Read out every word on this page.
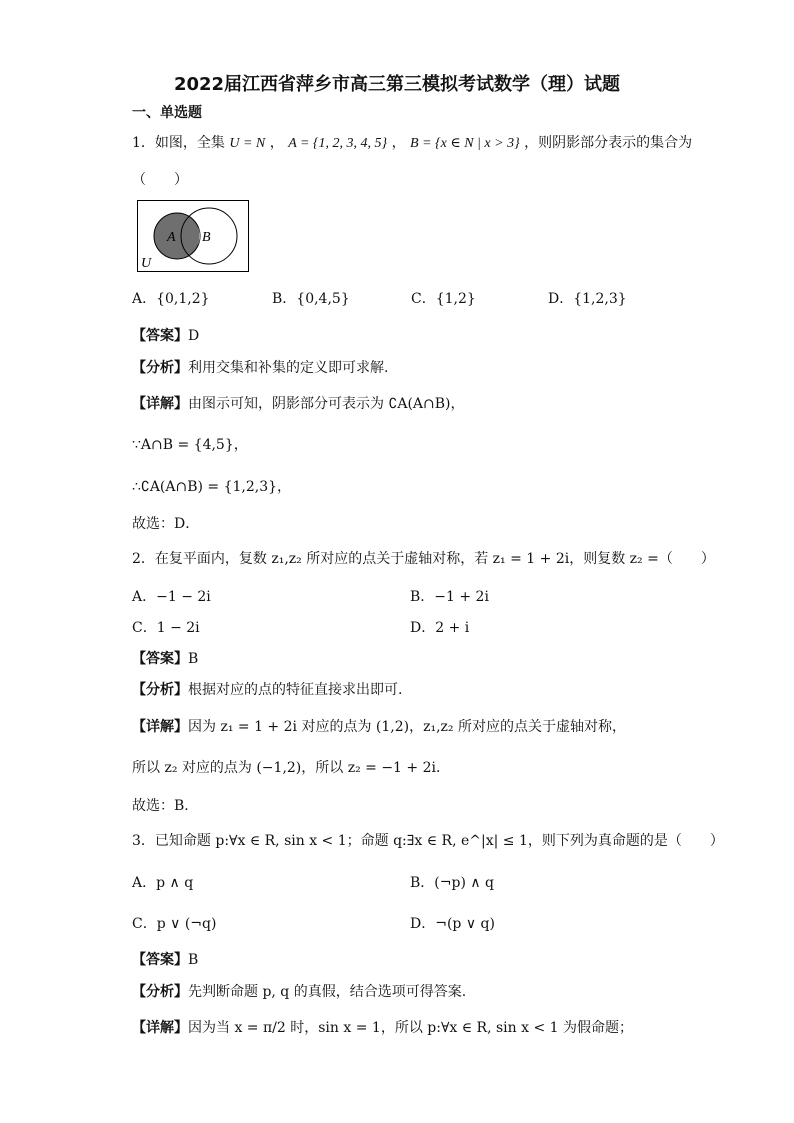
2022届江西省萍乡市高三第三模拟考试数学（理）试题
一、单选题
1．如图，全集 U = N ， A = {1, 2, 3, 4, 5} ， B = {x ∈ N | x > 3} ，则阴影部分表示的集合为
（　　）
A B
U
A．{0,1,2}	B．{0,4,5}	C．{1,2}	D．{1,2,3}
【答案】D
【分析】利用交集和补集的定义即可求解.
【详解】由图示可知，阴影部分可表示为 ∁A(A∩B)，
∵A∩B = {4,5}，
∴∁A(A∩B) = {1,2,3}，
故选：D．
2．在复平面内，复数 z₁,z₂ 所对应的点关于虚轴对称，若 z₁ = 1 + 2i，则复数 z₂ =（　　）
A．−1 − 2i	B．−1 + 2i
C．1 − 2i	D．2 + i
【答案】B
【分析】根据对应的点的特征直接求出即可.
【详解】因为 z₁ = 1 + 2i 对应的点为 (1,2)，z₁,z₂ 所对应的点关于虚轴对称，
所以 z₂ 对应的点为 (−1,2)，所以 z₂ = −1 + 2i．
故选：B.
3．已知命题 p:∀x ∈ R, sin x < 1；命题 q:∃x ∈ R, e^|x| ≤ 1，则下列为真命题的是（　　）
A．p ∧ q	B．(¬p) ∧ q
C．p ∨ (¬q)	D．¬(p ∨ q)
【答案】B
【分析】先判断命题 p, q 的真假，结合选项可得答案.
【详解】因为当 x = π/2 时，sin x = 1，所以 p:∀x ∈ R, sin x < 1 为假命题；
